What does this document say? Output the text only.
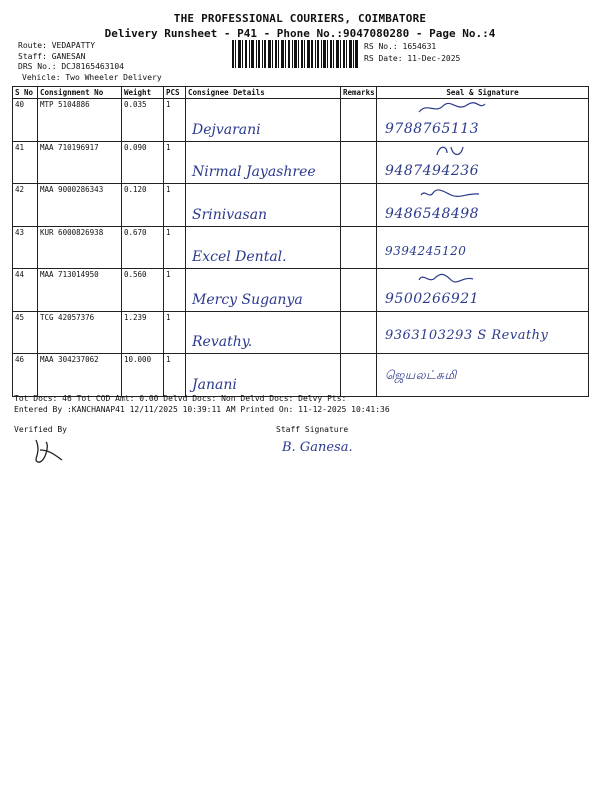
THE PROFESSIONAL COURIERS, COIMBATORE
Delivery Runsheet - P41 - Phone No.:9047080280 - Page No.:4
Route: VEDAPATTY
Staff: GANESAN
DRS No.: DCJ8165463104
RS No.: 1654631
RS Date: 11-Dec-2025
Vehicle: Two Wheeler Delivery
S No	Consignment No	Weight	PCS	Consignee Details	Remarks	Seal & Signature
40	MTP 5104886	0.035	1	Dejvarani		9788765113

41	MAA 710196917	0.090	1	Nirmal Jayashree		9487494236

42	MAA 9000286343	0.120	1	Srinivasan		9486548498

43	KUR 6000826938	0.670	1	Excel Dental.		9394245120

44	MAA 713014950	0.560	1	Mercy Suganya		9500266921

45	TCG 42057376	1.239	1	Revathy.		9363103293 S Revathy

46	MAA 304237062	10.000	1	Janani		ஜெயலட்சுமி
Tot Docs: 46 Tot COD Amt: 0.00 Delvd Docs: Non Delvd Docs: Delvy Pts:
Entered By :KANCHANAP41 12/11/2025 10:39:11 AM Printed On: 11-12-2025 10:41:36
Verified By	Staff Signature
B. Ganesa.
